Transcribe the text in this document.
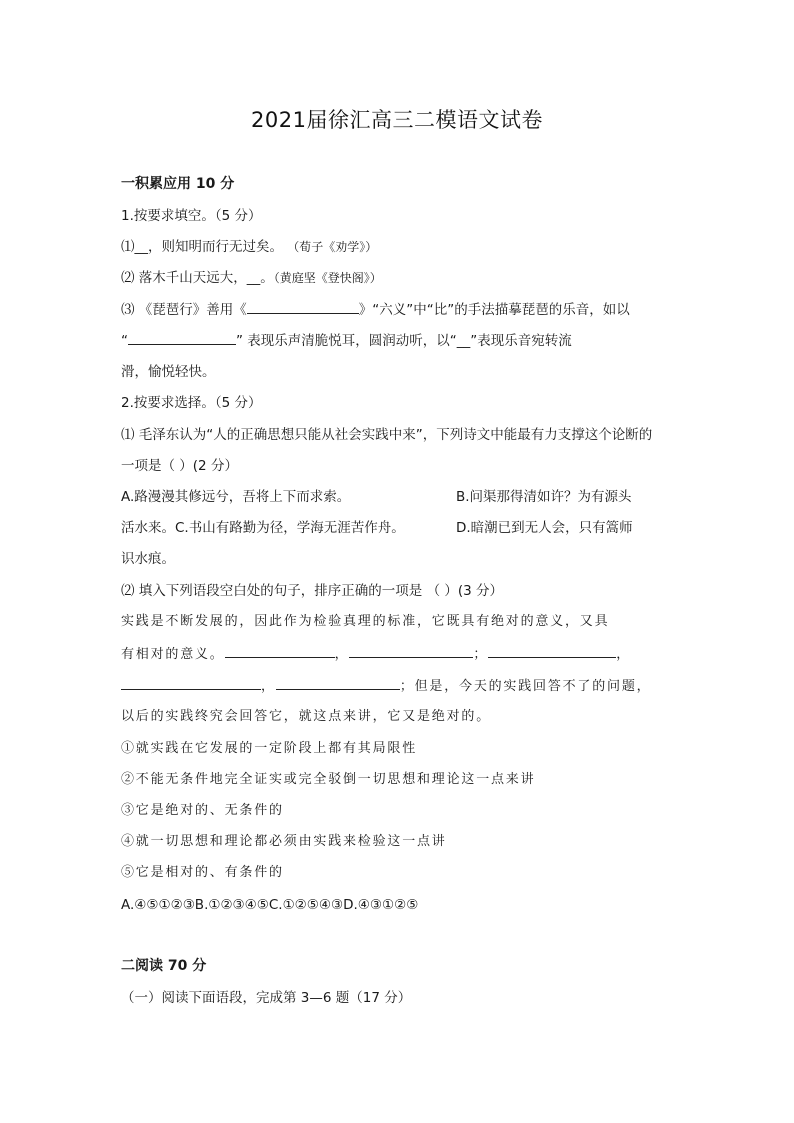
2021届徐汇高三二模语文试卷
一积累应用 10 分
1.按要求填空。（5 分）
⑴__，则知明而行无过矣。 （荀子《劝学》）
⑵ 落木千山天远大，__。（黄庭坚《登快阁》）
⑶ 《琵琶行》善用《	》“六义”中“比”的手法描摹琵琶的乐音，如以
“	” 表现乐声清脆悦耳，圆润动听，以“__”表现乐音宛转流
滑，愉悦轻快。
2.按要求选择。（5 分）
⑴ 毛泽东认为“人的正确思想只能从社会实践中来”，下列诗文中能最有力支撑这个论断的
一项是（ ）(2 分）
A.路漫漫其修远兮，吾将上下而求索。	B.问渠那得清如许？为有源头
活水来。C.书山有路勤为径，学海无涯苦作舟。	D.暗潮已到无人会，只有篙师
识水痕。
⑵ 填入下列语段空白处的句子，排序正确的一项是 （ ）(3 分）
实践是不断发展的，因此作为检验真理的标准，它既具有绝对的意义，又具
有相对的意义。	，	；	，
，	；但是，今天的实践回答不了的问题，
以后的实践终究会回答它，就这点来讲，它又是绝对的。
①就实践在它发展的一定阶段上都有其局限性
②不能无条件地完全证实或完全驳倒一切思想和理论这一点来讲
③它是绝对的、无条件的
④就一切思想和理论都必须由实践来检验这一点讲
⑤它是相对的、有条件的
A.④⑤①②③B.①②③④⑤C.①②⑤④③D.④③①②⑤
二阅读 70 分
（一）阅读下面语段，完成第 3—6 题（17 分）
